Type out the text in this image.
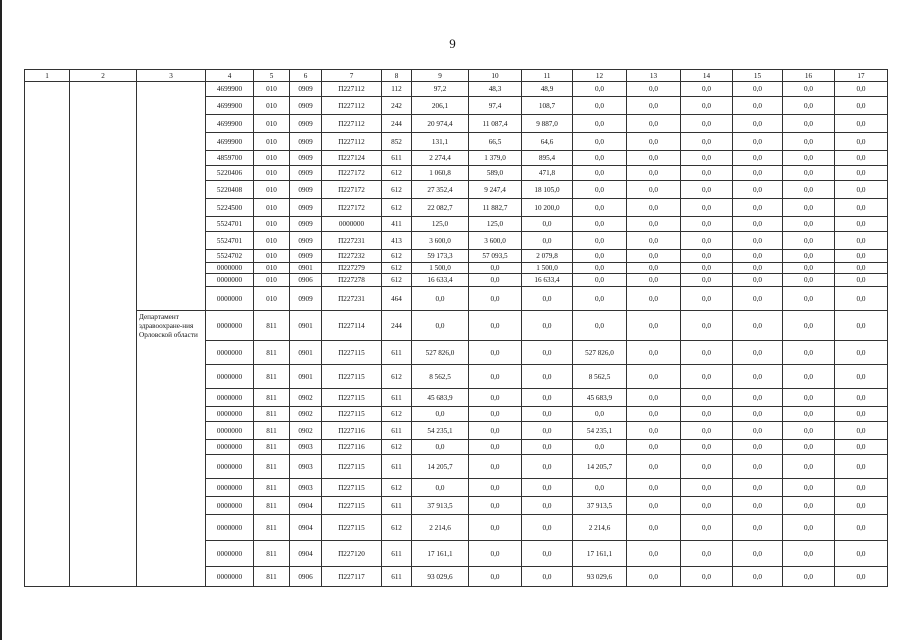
9
1	2	3	4	5	6	7	8	9	10	11	12	13	14	15	16	17
			4699900	010	0909	П227112	112	97,2	48,3	48,9	0,0	0,0	0,0	0,0	0,0	0,0
			4699900	010	0909	П227112	242	206,1	97,4	108,7	0,0	0,0	0,0	0,0	0,0	0,0
			4699900	010	0909	П227112	244	20 974,4	11 087,4	9 887,0	0,0	0,0	0,0	0,0	0,0	0,0
			4699900	010	0909	П227112	852	131,1	66,5	64,6	0,0	0,0	0,0	0,0	0,0	0,0
			4859700	010	0909	П227124	611	2 274,4	1 379,0	895,4	0,0	0,0	0,0	0,0	0,0	0,0
			5220406	010	0909	П227172	612	1 060,8	589,0	471,8	0,0	0,0	0,0	0,0	0,0	0,0
			5220408	010	0909	П227172	612	27 352,4	9 247,4	18 105,0	0,0	0,0	0,0	0,0	0,0	0,0
			5224500	010	0909	П227172	612	22 082,7	11 882,7	10 200,0	0,0	0,0	0,0	0,0	0,0	0,0
			5524701	010	0909	0000000	411	125,0	125,0	0,0	0,0	0,0	0,0	0,0	0,0	0,0
			5524701	010	0909	П227231	413	3 600,0	3 600,0	0,0	0,0	0,0	0,0	0,0	0,0	0,0
			5524702	010	0909	П227232	612	59 173,3	57 093,5	2 079,8	0,0	0,0	0,0	0,0	0,0	0,0
			0000000	010	0901	П227279	612	1 500,0	0,0	1 500,0	0,0	0,0	0,0	0,0	0,0	0,0
			0000000	010	0906	П227278	612	16 633,4	0,0	16 633,4	0,0	0,0	0,0	0,0	0,0	0,0
			0000000	010	0909	П227231	464	0,0	0,0	0,0	0,0	0,0	0,0	0,0	0,0	0,0
		Департамент здравоохране-ния Орловской области	0000000	811	0901	П227114	244	0,0	0,0	0,0	0,0	0,0	0,0	0,0	0,0	0,0
			0000000	811	0901	П227115	611	527 826,0	0,0	0,0	527 826,0	0,0	0,0	0,0	0,0	0,0
			0000000	811	0901	П227115	612	8 562,5	0,0	0,0	8 562,5	0,0	0,0	0,0	0,0	0,0
			0000000	811	0902	П227115	611	45 683,9	0,0	0,0	45 683,9	0,0	0,0	0,0	0,0	0,0
			0000000	811	0902	П227115	612	0,0	0,0	0,0	0,0	0,0	0,0	0,0	0,0	0,0
			0000000	811	0902	П227116	611	54 235,1	0,0	0,0	54 235,1	0,0	0,0	0,0	0,0	0,0
			0000000	811	0903	П227116	612	0,0	0,0	0,0	0,0	0,0	0,0	0,0	0,0	0,0
			0000000	811	0903	П227115	611	14 205,7	0,0	0,0	14 205,7	0,0	0,0	0,0	0,0	0,0
			0000000	811	0903	П227115	612	0,0	0,0	0,0	0,0	0,0	0,0	0,0	0,0	0,0
			0000000	811	0904	П227115	611	37 913,5	0,0	0,0	37 913,5	0,0	0,0	0,0	0,0	0,0
			0000000	811	0904	П227115	612	2 214,6	0,0	0,0	2 214,6	0,0	0,0	0,0	0,0	0,0
			0000000	811	0904	П227120	611	17 161,1	0,0	0,0	17 161,1	0,0	0,0	0,0	0,0	0,0
			0000000	811	0906	П227117	611	93 029,6	0,0	0,0	93 029,6	0,0	0,0	0,0	0,0	0,0
